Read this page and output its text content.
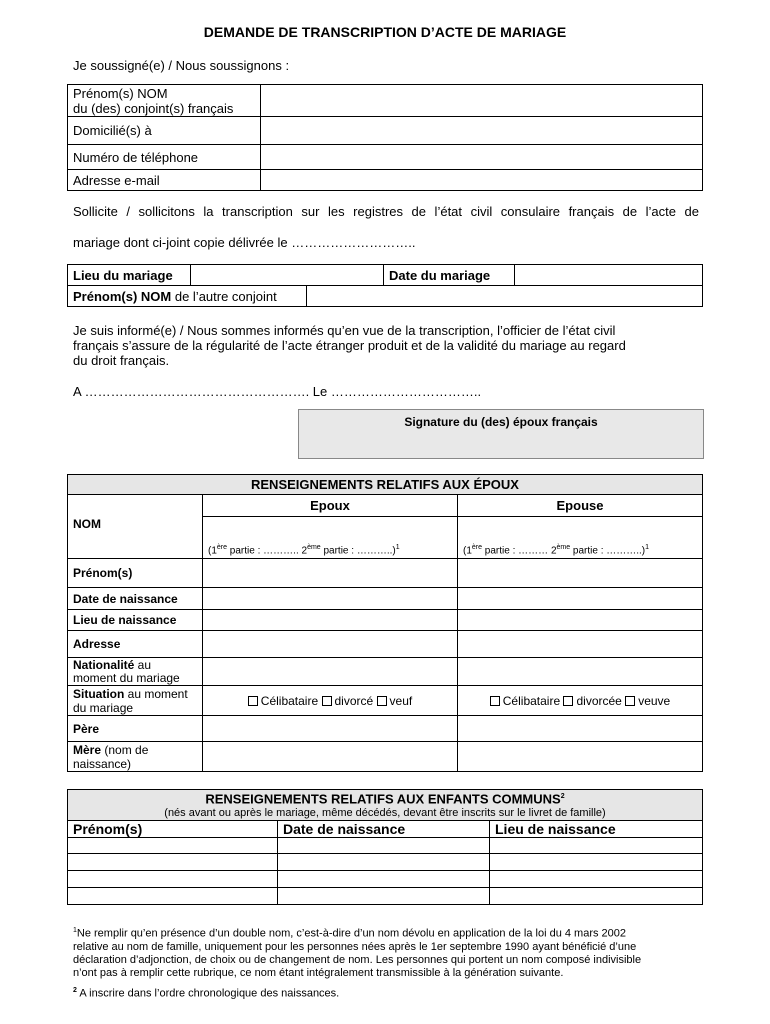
DEMANDE DE TRANSCRIPTION D’ACTE DE MARIAGE
Je soussigné(e) / Nous soussignons :
Prénom(s) NOM
du (des) conjoint(s) français	
Domicilié(s) à	
Numéro de téléphone	
Adresse e-mail	
Sollicite / sollicitons la transcription sur les registres de l’état civil consulaire français de l’acte de
mariage dont ci-joint copie délivrée le ………………………..
Lieu du mariage		Date du mariage	
Prénom(s) NOM de l’autre conjoint	
Je suis informé(e) / Nous sommes informés qu’en vue de la transcription, l’officier de l’état civil
français s’assure de la régularité de l’acte étranger produit et de la validité du mariage au regard
du droit français.
A ……………………………………………. Le ……………………………..
Signature du (des) époux français
RENSEIGNEMENTS RELATIFS AUX ÉPOUX		
	Epoux	Epouse
NOM	(1ère partie : ……….. 2ème partie : ………..)$^1$	(1ère partie : ……… 2ème partie : ………..)$^1$
Prénom(s)		
Date de naissance		
Lieu de naissance		
Adresse		
Nationalité au moment du mariage		
Situation au moment du mariage	Célibataire divorcé veuf	Célibataire divorcée veuve
Père		
Mère (nom de naissance)		
RENSEIGNEMENTS RELATIFS AUX ENFANTS COMMUNS$^2$
(nés avant ou après le mariage, même décédés, devant être inscrits sur le livret de famille)		
Prénom(s)	Date de naissance	Lieu de naissance

$^1$Ne remplir qu’en présence d’un double nom, c’est-à-dire d’un nom dévolu en application de la loi du 4 mars 2002
relative au nom de famille, uniquement pour les personnes nées après le 1er septembre 1990 ayant bénéficié d’une
déclaration d’adjonction, de choix ou de changement de nom. Les personnes qui portent un nom composé indivisible
n’ont pas à remplir cette rubrique, ce nom étant intégralement transmissible à la génération suivante.
$^2$ A inscrire dans l’ordre chronologique des naissances.
